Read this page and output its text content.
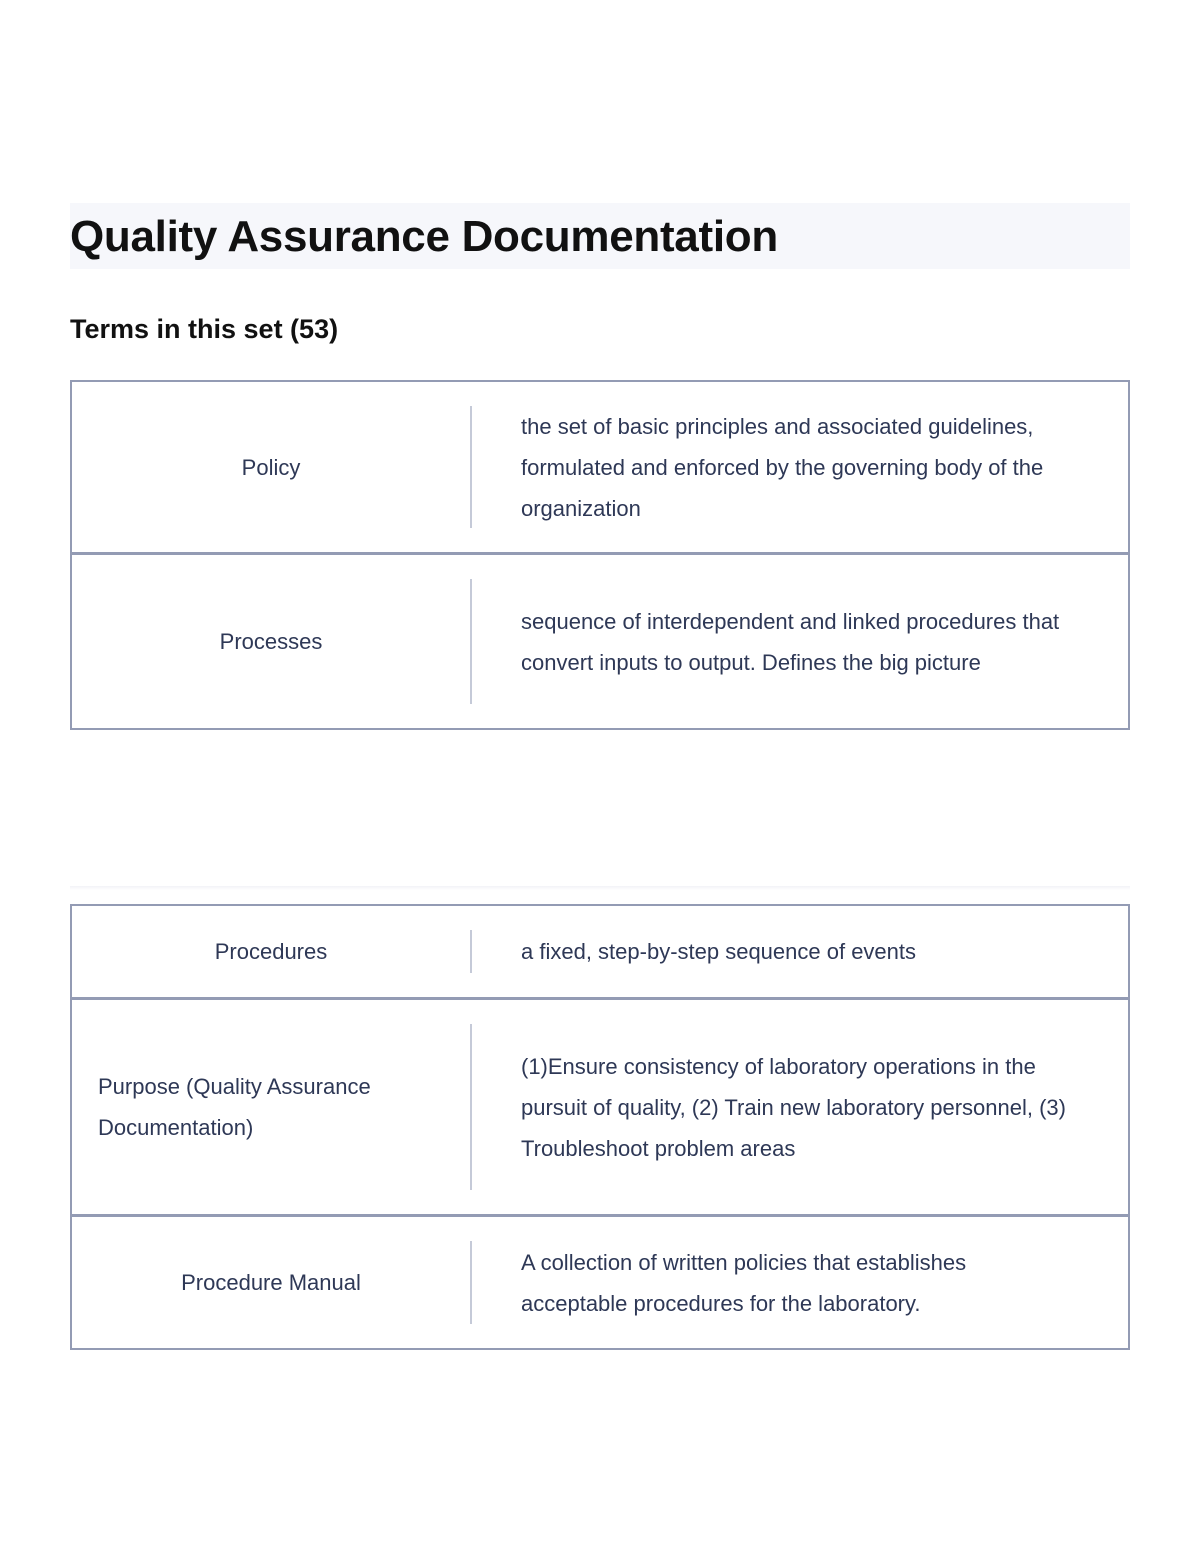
Quality Assurance Documentation
Terms in this set (53)
Policy
the set of basic principles and associated guidelines, formulated and enforced by the governing body of the organization
Processes
sequence of interdependent and linked procedures that convert inputs to output. Defines the big picture
Procedures	a fixed, step-by-step sequence of events
Purpose (Quality Assurance Documentation)
(1)Ensure consistency of laboratory operations in the pursuit of quality, (2) Train new laboratory personnel, (3) Troubleshoot problem areas
Procedure Manual
A collection of written policies that establishes acceptable procedures for the laboratory.
